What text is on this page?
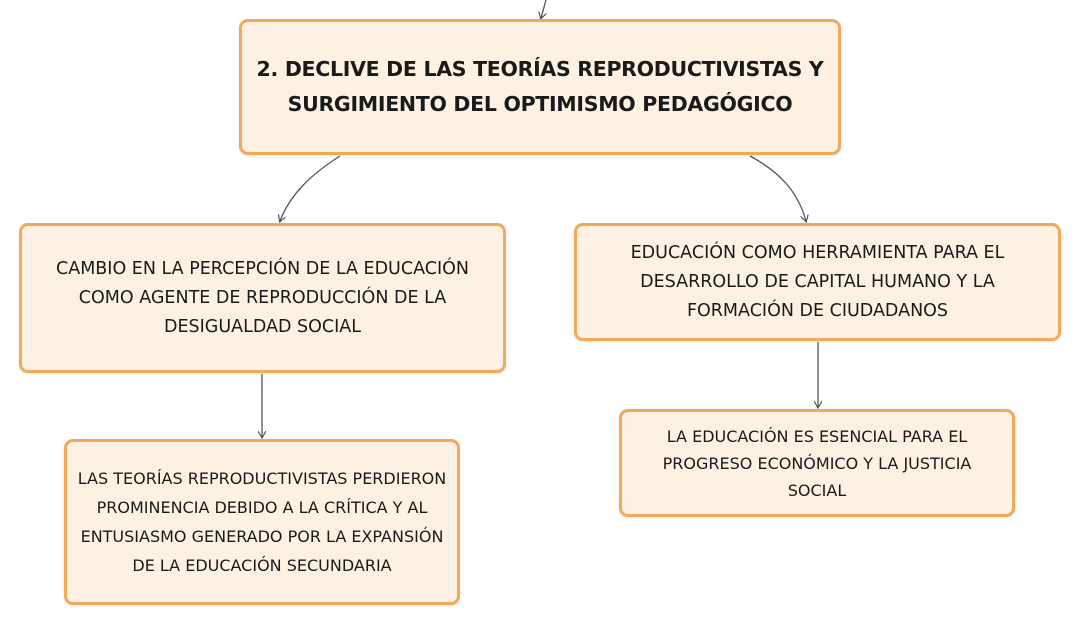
2. DECLIVE DE LAS TEORÍAS REPRODUCTIVISTAS Y SURGIMIENTO DEL OPTIMISMO PEDAGÓGICO
CAMBIO EN LA PERCEPCIÓN DE LA EDUCACIÓN COMO AGENTE DE REPRODUCCIÓN DE LA DESIGUALDAD SOCIAL
EDUCACIÓN COMO HERRAMIENTA PARA EL DESARROLLO DE CAPITAL HUMANO Y LA FORMACIÓN DE CIUDADANOS
LAS TEORÍAS REPRODUCTIVISTAS PERDIERON PROMINENCIA DEBIDO A LA CRÍTICA Y AL ENTUSIASMO GENERADO POR LA EXPANSIÓN DE LA EDUCACIÓN SECUNDARIA
LA EDUCACIÓN ES ESENCIAL PARA EL PROGRESO ECONÓMICO Y LA JUSTICIA SOCIAL
